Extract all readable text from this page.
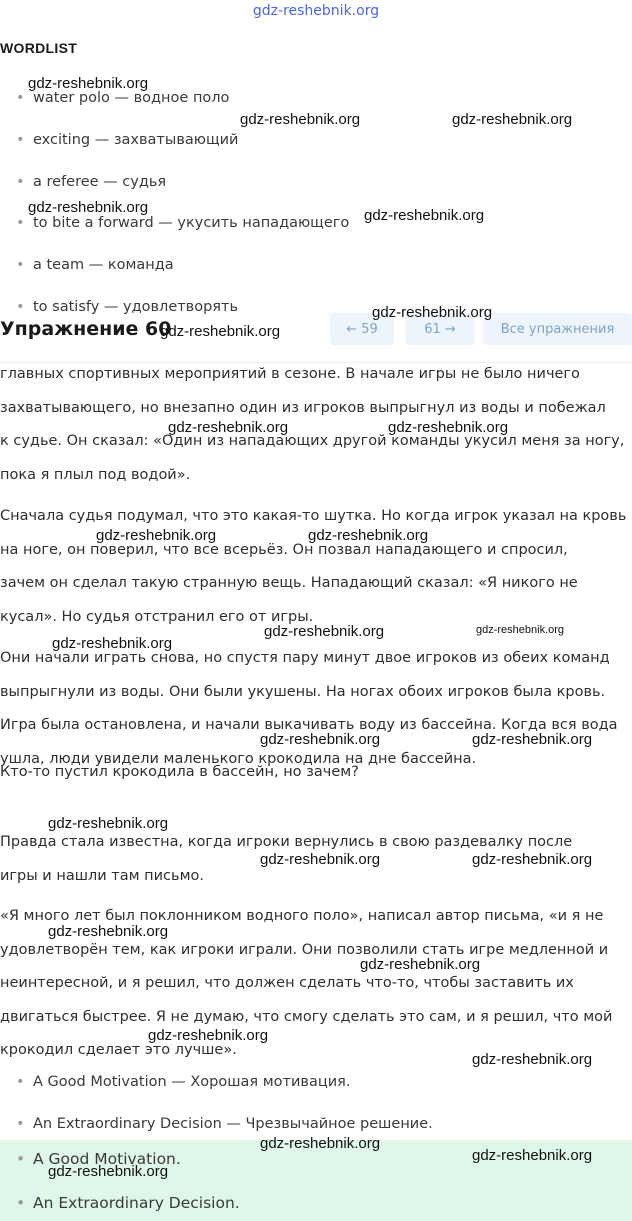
gdz-reshebnik.org
WORDLIST
• water polo — водное поло
• exciting — захватывающий
• a referee — судья
• to bite a forward — укусить нападающего
• a team — команда
• to satisfy — удовлетворять
Упражнение 60	← 59	61 →	Все упражнения
главных спортивных мероприятий в сезоне. В начале игры не было ничего
захватывающего, но внезапно один из игроков выпрыгнул из воды и побежал
к судье. Он сказал: «Один из нападающих другой команды укусил меня за ногу,
пока я плыл под водой».
Сначала судья подумал, что это какая-то шутка. Но когда игрок указал на кровь
на ноге, он поверил, что все всерьёз. Он позвал нападающего и спросил,
зачем он сделал такую странную вещь. Нападающий сказал: «Я никого не
кусал». Но судья отстранил его от игры.
Они начали играть снова, но спустя пару минут двое игроков из обеих команд
выпрыгнули из воды. Они были укушены. На ногах обоих игроков была кровь.
Игра была остановлена, и начали выкачивать воду из бассейна. Когда вся вода
ушла, люди увидели маленького крокодила на дне бассейна.
Кто-то пустил крокодила в бассейн, но зачем?
Правда стала известна, когда игроки вернулись в свою раздевалку после
игры и нашли там письмо.
«Я много лет был поклонником водного поло», написал автор письма, «и я не
удовлетворён тем, как игроки играли. Они позволили стать игре медленной и
неинтересной, и я решил, что должен сделать что-то, чтобы заставить их
двигаться быстрее. Я не думаю, что смогу сделать это сам, и я решил, что мой
крокодил сделает это лучше».
• A Good Motivation — Хорошая мотивация.
• An Extraordinary Decision — Чрезвычайное решение.
• A Good Motivation.
• An Extraordinary Decision.
gdz-reshebnik.org
gdz-reshebnik.org	gdz-reshebnik.org
gdz-reshebnik.org	gdz-reshebnik.org
gdz-reshebnik.org
gdz-reshebnik.org
gdz-reshebnik.org	gdz-reshebnik.org
gdz-reshebnik.org	gdz-reshebnik.org
gdz-reshebnik.org	gdz-reshebnik.org
gdz-reshebnik.org
gdz-reshebnik.org	gdz-reshebnik.org
gdz-reshebnik.org
gdz-reshebnik.org	gdz-reshebnik.org
gdz-reshebnik.org
gdz-reshebnik.org
gdz-reshebnik.org
gdz-reshebnik.org
gdz-reshebnik.org
gdz-reshebnik.org
gdz-reshebnik.org
